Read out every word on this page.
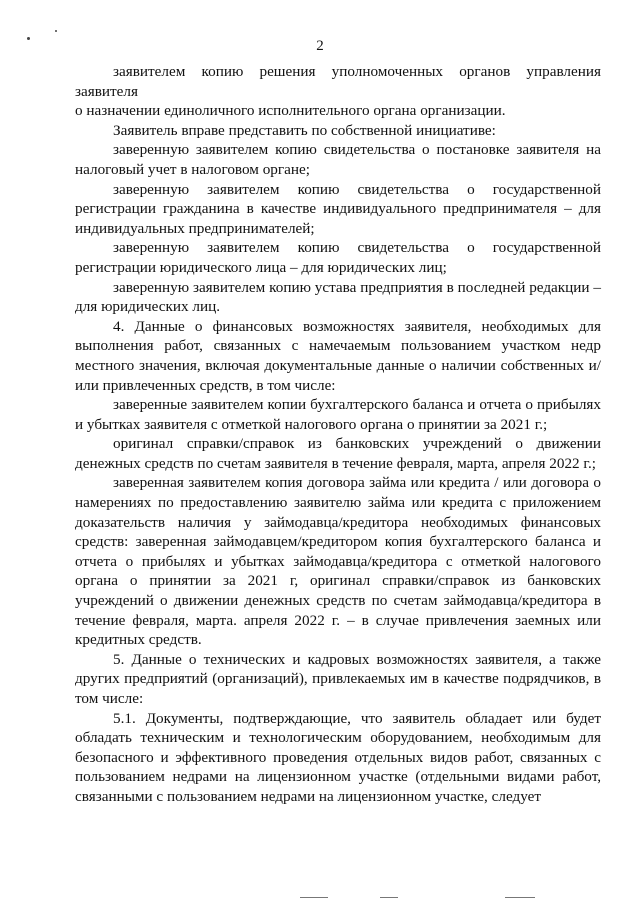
2

заявителем копию решения уполномоченных органов управления заявителя

о назначении единоличного исполнительного органа организации.

Заявитель вправе представить по собственной инициативе:

заверенную заявителем копию свидетельства о постановке заявителя на налоговый учет в налоговом органе;

заверенную заявителем копию свидетельства о государственной регистрации гражданина в качестве индивидуального предпринимателя – для индивидуальных предпринимателей;

заверенную заявителем копию свидетельства о государственной регистрации юридического лица – для юридических лиц;

заверенную заявителем копию устава предприятия в последней редакции – для юридических лиц.

4. Данные о финансовых возможностях заявителя, необходимых для выполнения работ, связанных с намечаемым пользованием участком недр местного значения, включая документальные данные о наличии собственных и/или привлеченных средств, в том числе:

заверенные заявителем копии бухгалтерского баланса и отчета о прибылях и убытках заявителя с отметкой налогового органа о принятии за 2021 г.;

оригинал справки/справок из банковских учреждений о движении денежных средств по счетам заявителя в течение февраля, марта, апреля 2022 г.;

заверенная заявителем копия договора займа или кредита / или договора о намерениях по предоставлению заявителю займа или кредита с приложением доказательств наличия у займодавца/кредитора необходимых финансовых средств: заверенная займодавцем/кредитором копия бухгалтерского баланса и отчета о прибылях и убытках займодавца/кредитора с отметкой налогового органа о принятии за 2021 г, оригинал справки/справок из банковских учреждений о движении денежных средств по счетам займодавца/кредитора в течение февраля, марта. апреля 2022 г. – в случае привлечения заемных или кредитных средств.

5. Данные о технических и кадровых возможностях заявителя, а также других предприятий (организаций), привлекаемых им в качестве подрядчиков, в том числе:

5.1. Документы, подтверждающие, что заявитель обладает или будет обладать техническим и технологическим оборудованием, необходимым для безопасного и эффективного проведения отдельных видов работ, связанных с пользованием недрами на лицензионном участке (отдельными видами работ, связанными с пользованием недрами на лицензионном участке, следует
